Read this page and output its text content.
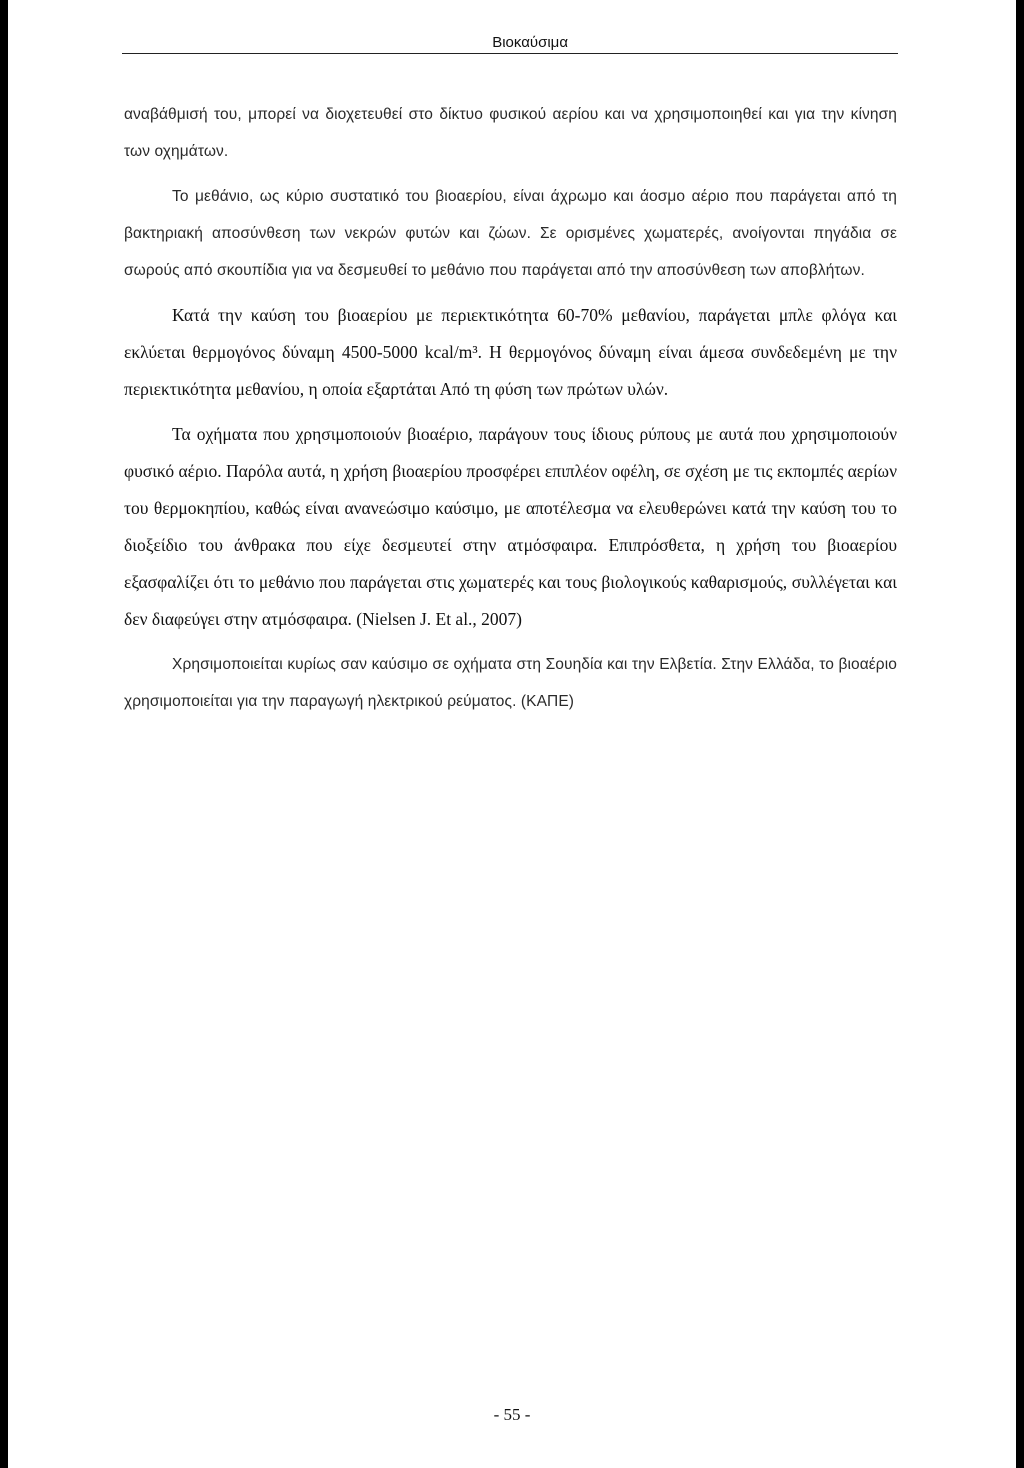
Βιοκαύσιμα

αναβάθμισή του, μπορεί να διοχετευθεί στο δίκτυο φυσικού αερίου και να χρησιμοποιηθεί και για την κίνηση των οχημάτων.

Το μεθάνιο, ως κύριο συστατικό του βιοαερίου, είναι άχρωμο και άοσμο αέριο που παράγεται από τη βακτηριακή αποσύνθεση των νεκρών φυτών και ζώων. Σε ορισμένες χωματερές, ανοίγονται πηγάδια σε σωρούς από σκουπίδια για να δεσμευθεί το μεθάνιο που παράγεται από την αποσύνθεση των αποβλήτων.

Κατά την καύση του βιοαερίου με περιεκτικότητα 60-70% μεθανίου, παράγεται μπλε φλόγα και εκλύεται θερμογόνος δύναμη 4500-5000 kcal/m³. Η θερμογόνος δύναμη είναι άμεσα συνδεδεμένη με την περιεκτικότητα μεθανίου, η οποία εξαρτάται Από τη φύση των πρώτων υλών.

Τα οχήματα που χρησιμοποιούν βιοαέριο, παράγουν τους ίδιους ρύπους με αυτά που χρησιμοποιούν φυσικό αέριο. Παρόλα αυτά, η χρήση βιοαερίου προσφέρει επιπλέον οφέλη, σε σχέση με τις εκπομπές αερίων του θερμοκηπίου, καθώς είναι ανανεώσιμο καύσιμο, με αποτέλεσμα να ελευθερώνει κατά την καύση του το διοξείδιο του άνθρακα που είχε δεσμευτεί στην ατμόσφαιρα. Επιπρόσθετα, η χρήση του βιοαερίου εξασφαλίζει ότι το μεθάνιο που παράγεται στις χωματερές και τους βιολογικούς καθαρισμούς, συλλέγεται και δεν διαφεύγει στην ατμόσφαιρα. (Nielsen J. Et al., 2007)

Χρησιμοποιείται κυρίως σαν καύσιμο σε οχήματα στη Σουηδία και την Ελβετία. Στην Ελλάδα, το βιοαέριο χρησιμοποιείται για την παραγωγή ηλεκτρικού ρεύματος. (ΚΑΠΕ)

- 55 -
